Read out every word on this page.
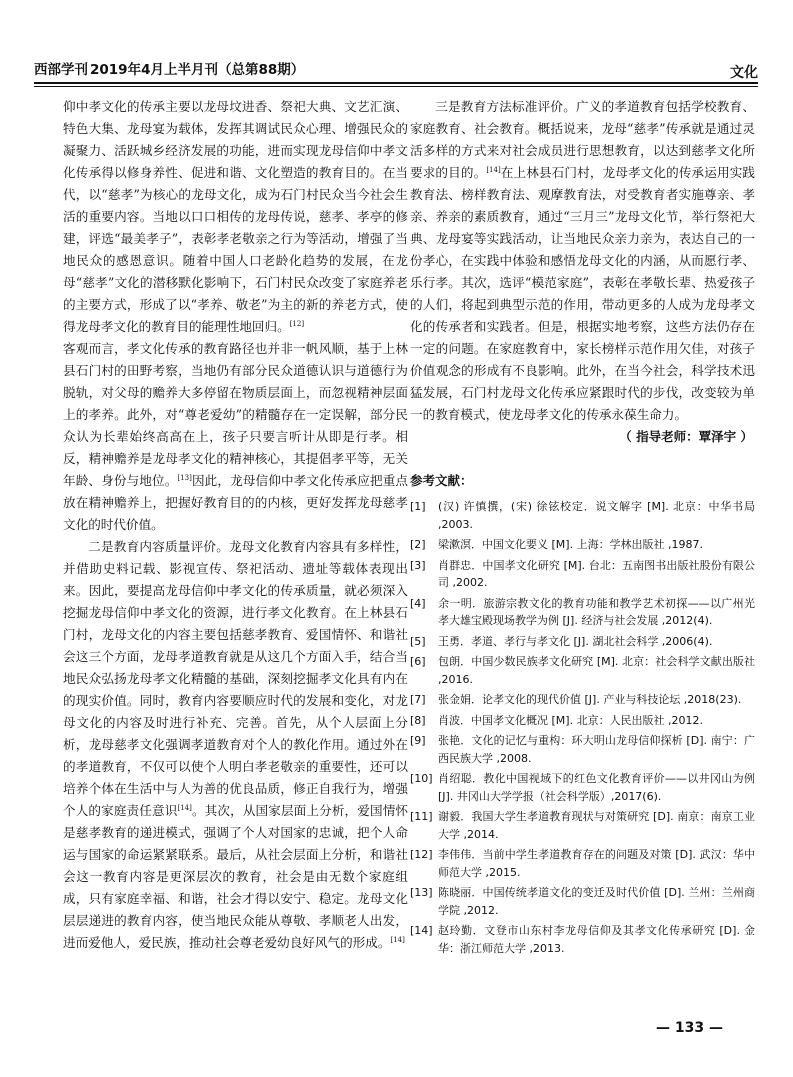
西部学刊 2019年4月上半月刊（总第88期）	文化

仰中孝文化的传承主要以龙母坟进香、祭祀大典、文艺汇演、特色大集、龙母宴为载体，发挥其调试民众心理、增强民众的凝聚力、活跃城乡经济发展的功能，进而实现龙母信仰中孝文化传承得以修身养性、促进和谐、文化塑造的教育目的。在当代，以“慈孝”为核心的龙母文化，成为石门村民众当今社会生活的重要内容。当地以口口相传的龙母传说，慈孝、孝亭的修建，评选“最美孝子”，表彰孝老敬亲之行为等活动，增强了当地民众的感恩意识。随着中国人口老龄化趋势的发展，在龙母“慈孝”文化的潜移默化影响下，石门村民众改变了家庭养老的主要方式，形成了以“孝养、敬老”为主的新的养老方式，使得龙母孝文化的教育目的能理性地回归。[12]

客观而言，孝文化传承的教育路径也并非一帆风顺，基于上林县石门村的田野考察，当地仍有部分民众道德认识与道德行为脱轨，对父母的赡养大多停留在物质层面上，而忽视精神层面上的孝养。此外，对“尊老爱幼”的精髓存在一定误解，部分民众认为长辈始终高高在上，孩子只要言听计从即是行孝。相反，精神赡养是龙母孝文化的精神核心，其提倡孝平等，无关年龄、身份与地位。[13]因此，龙母信仰中孝文化传承应把重点放在精神赡养上，把握好教育目的的内核，更好发挥龙母慈孝文化的时代价值。

二是教育内容质量评价。龙母文化教育内容具有多样性，并借助史料记载、影视宣传、祭祀活动、遗址等载体表现出来。因此，要提高龙母信仰中孝文化的传承质量，就必须深入挖掘龙母信仰中孝文化的资源，进行孝文化教育。在上林县石门村，龙母文化的内容主要包括慈孝教育、爱国情怀、和谐社会这三个方面，龙母孝道教育就是从这几个方面入手，结合当地民众弘扬龙母孝文化精髓的基础，深刻挖掘孝文化具有内在的现实价值。同时，教育内容要顺应时代的发展和变化，对龙母文化的内容及时进行补充、完善。首先，从个人层面上分析，龙母慈孝文化强调孝道教育对个人的教化作用。通过外在的孝道教育，不仅可以使个人明白孝老敬亲的重要性，还可以培养个体在生活中与人为善的优良品质，修正自我行为，增强个人的家庭责任意识[14]。其次，从国家层面上分析，爱国情怀是慈孝教育的递进模式，强调了个人对国家的忠诚，把个人命运与国家的命运紧紧联系。最后，从社会层面上分析，和谐社会这一教育内容是更深层次的教育，社会是由无数个家庭组成，只有家庭幸福、和谐，社会才得以安宁、稳定。龙母文化层层递进的教育内容，使当地民众能从尊敬、孝顺老人出发，进而爱他人，爱民族，推动社会尊老爱幼良好风气的形成。[14]

三是教育方法标准评价。广义的孝道教育包括学校教育、家庭教育、社会教育。概括说来，龙母“慈孝”传承就是通过灵活多样的方式来对社会成员进行思想教育，以达到慈孝文化所要求的目的。[14]在上林县石门村，龙母孝文化的传承运用实践教育法、榜样教育法、观摩教育法，对受教育者实施尊亲、孝亲、养亲的素质教育，通过“三月三”龙母文化节，举行祭祀大典、龙母宴等实践活动，让当地民众亲力亲为，表达自己的一份孝心，在实践中体验和感悟龙母文化的内涵，从而愿行孝、乐行孝。其次，选评“模范家庭”，表彰在孝敬长辈、热爱孩子的人们，将起到典型示范的作用，带动更多的人成为龙母孝文化的传承者和实践者。但是，根据实地考察，这些方法仍存在一定的问题。在家庭教育中，家长榜样示范作用欠佳，对孩子价值观念的形成有不良影响。此外，在当今社会，科学技术迅猛发展，石门村龙母文化传承应紧跟时代的步伐，改变较为单一的教育模式，使龙母孝文化的传承永葆生命力。

（ 指导老师：覃泽宇 ）
参考文献：
[1] (汉) 许慎撰，(宋) 徐铉校定．说文解字 [M]. 北京：中华书局 ,2003.
[2] 梁漱溟．中国文化要义 [M]. 上海：学林出版社 ,1987.
[3] 肖群忠．中国孝文化研究 [M]. 台北：五南图书出版社股份有限公司 ,2002.
[4] 余一明．旅游宗教文化的教育功能和教学艺术初探——以广州光孝大雄宝殿现场教学为例 [J]. 经济与社会发展 ,2012(4).
[5] 王勇．孝道、孝行与孝文化 [J]. 湖北社会科学 ,2006(4).
[6] 包朗．中国少数民族孝文化研究 [M]. 北京：社会科学文献出版社 ,2016.
[7] 张金娟．论孝文化的现代价值 [J]. 产业与科技论坛 ,2018(23).
[8] 肖波．中国孝文化概况 [M]. 北京：人民出版社 ,2012.
[9] 张艳．文化的记忆与重构：环大明山龙母信仰探析 [D]. 南宁：广西民族大学 ,2008.
[10] 肖绍聪．教化中国视域下的红色文化教育评价——以井冈山为例 [J]. 井冈山大学学报（社会科学版）,2017(6).
[11] 谢毅．我国大学生孝道教育现状与对策研究 [D]. 南京：南京工业大学 ,2014.
[12] 李伟伟．当前中学生孝道教育存在的问题及对策 [D]. 武汉：华中师范大学 ,2015.
[13] 陈晓丽．中国传统孝道文化的变迁及时代价值 [D]. 兰州：兰州商学院 ,2012.
[14] 赵玲勤．文登市山东村李龙母信仰及其孝文化传承研究 [D]. 金华：浙江师范大学 ,2013.
— 133 —
